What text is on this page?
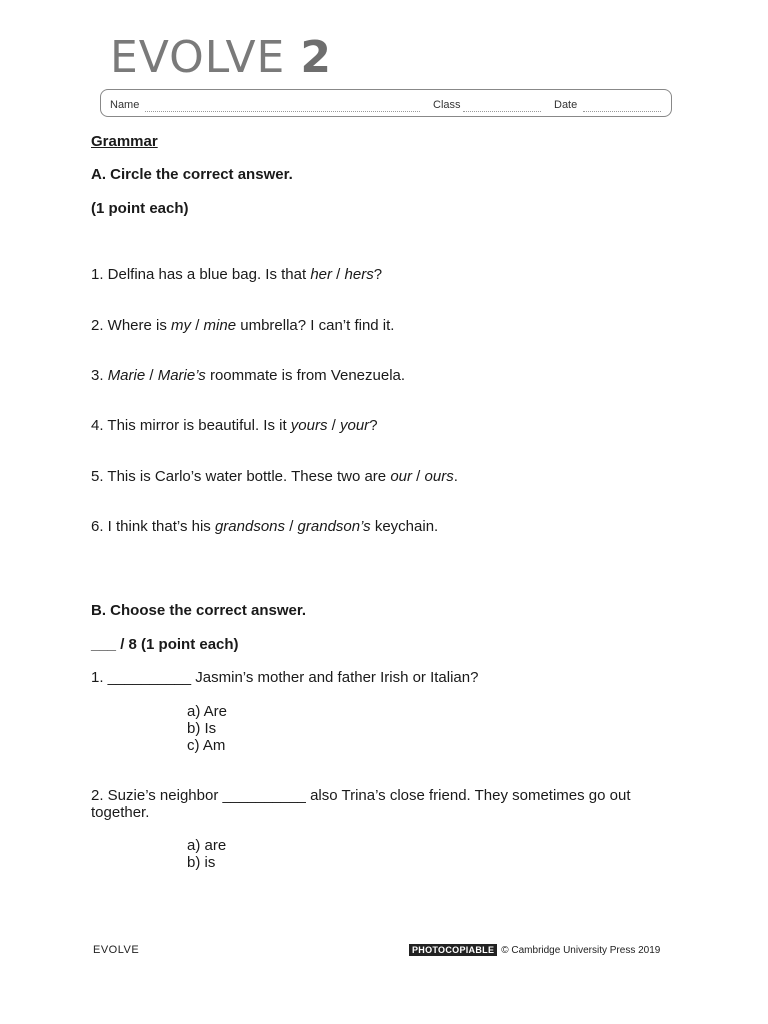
EVOLVE 2
Name	Class	Date
Grammar
A. Circle the correct answer.
(1 point each)
1. Delfina has a blue bag. Is that her / hers?
2. Where is my / mine umbrella? I can’t find it.
3. Marie / Marie’s roommate is from Venezuela.
4. This mirror is beautiful. Is it yours / your?
5. This is Carlo’s water bottle. These two are our / ours.
6. I think that’s his grandsons / grandson’s keychain.
B. Choose the correct answer.
___ / 8 (1 point each)
1. __________ Jasmin’s mother and father Irish or Italian?
a) Are
b) Is
c) Am
2. Suzie’s neighbor __________ also Trina’s close friend. They sometimes go out
together.
a) are
b) is
EVOLVE	PHOTOCOPIABLE © Cambridge University Press 2019
